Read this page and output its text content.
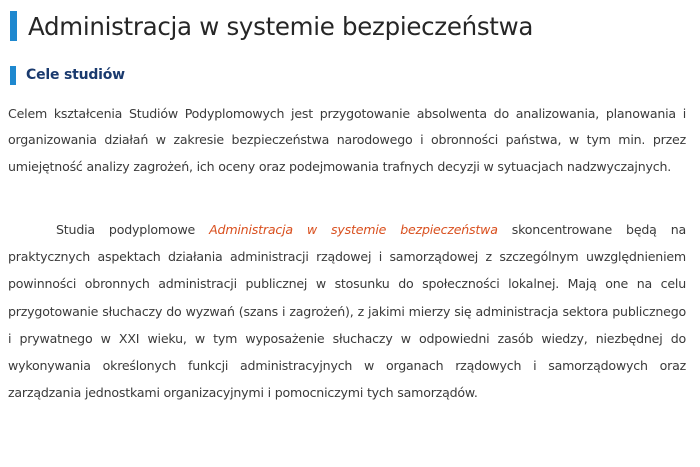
Administracja w systemie bezpieczeństwa
Cele studiów

Celem kształcenia Studiów Podyplomowych jest przygotowanie absolwenta do analizowania, planowania i organizowania działań w zakresie bezpieczeństwa narodowego i obronności państwa, w tym min. przez umiejętność analizy zagrożeń, ich oceny oraz podejmowania trafnych decyzji w sytuacjach nadzwyczajnych.

Studia podyplomowe Administracja w systemie bezpieczeństwa skoncentrowane będą na praktycznych aspektach działania administracji rządowej i samorządowej z szczególnym uwzględnieniem powinności obronnych administracji publicznej w stosunku do społeczności lokalnej. Mają one na celu przygotowanie słuchaczy do wyzwań (szans i zagrożeń), z jakimi mierzy się administracja sektora publicznego i prywatnego w XXI wieku, w tym wyposażenie słuchaczy w odpowiedni zasób wiedzy, niezbędnej do wykonywania określonych funkcji administracyjnych w organach rządowych i samorządowych oraz zarządzania jednostkami organizacyjnymi i pomocniczymi tych samorządów.
